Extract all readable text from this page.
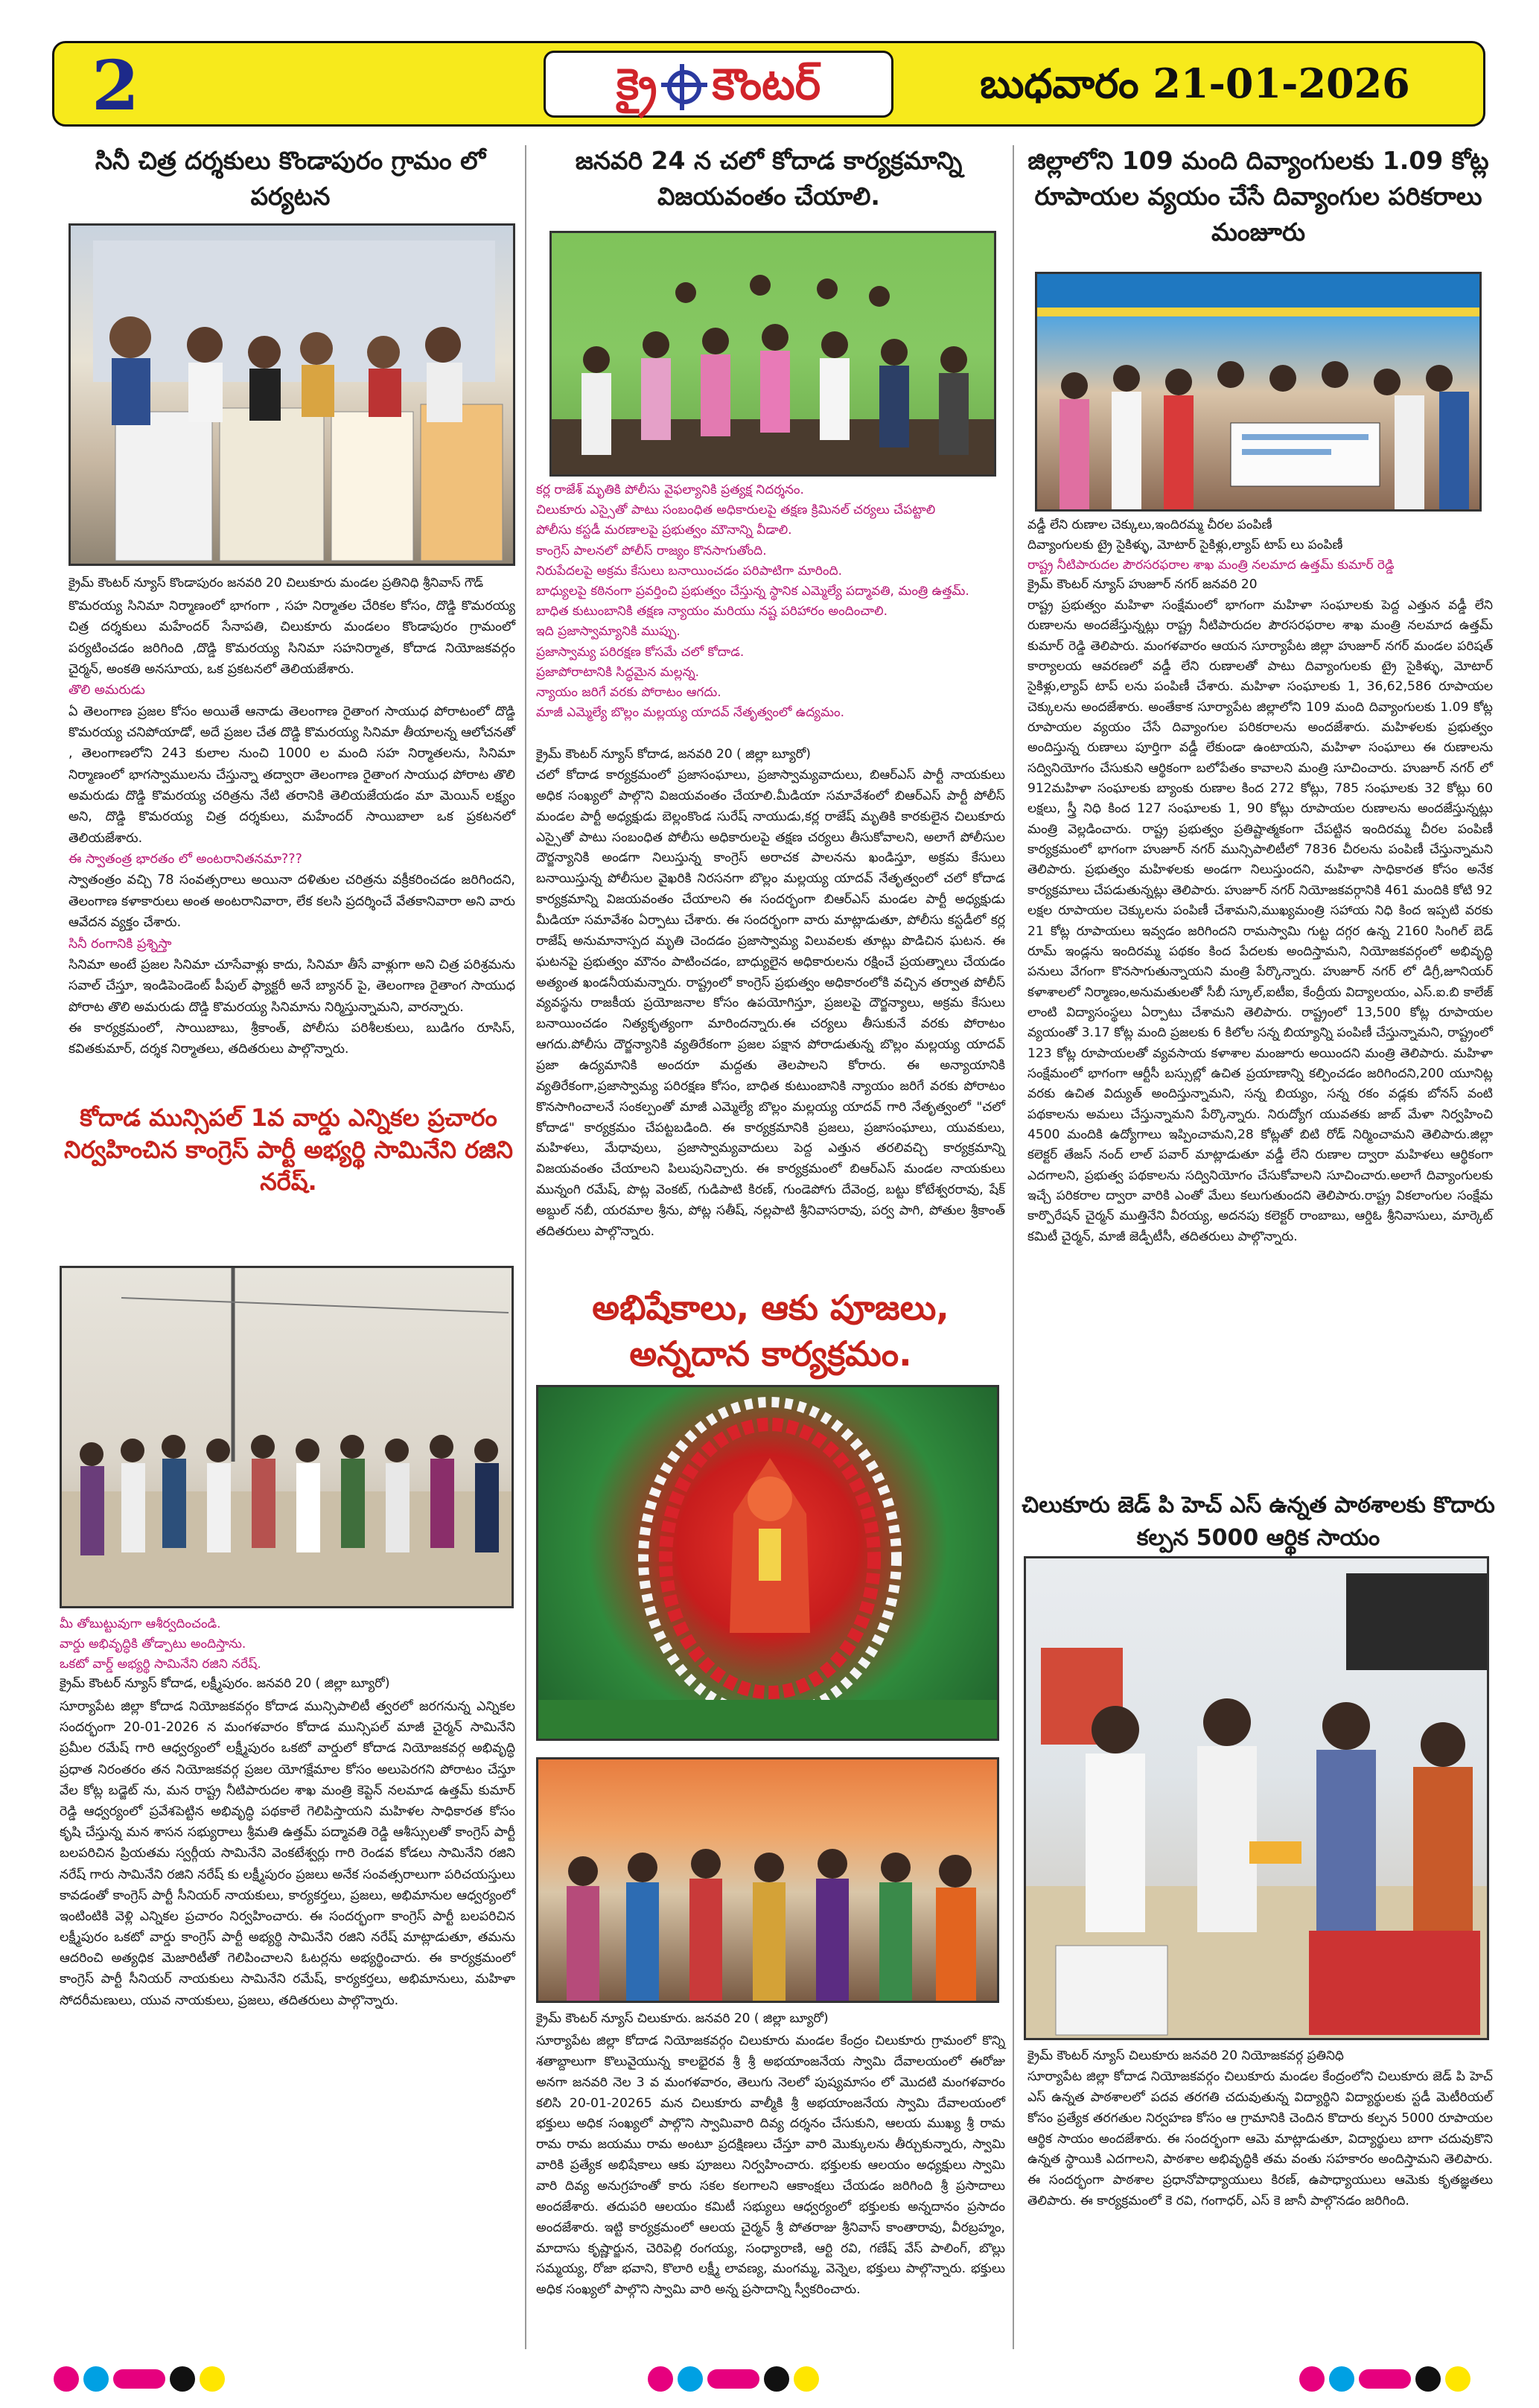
2	క్రై కౌంటర్	బుధవారం 21-01-2026
సినీ చిత్ర దర్శకులు కొండాపురం గ్రామం లో పర్యటన
క్రైమ్ కౌంటర్ న్యూస్ కొండాపురం జనవరి 20 చిలుకూరు మండల ప్రతినిధి శ్రీనివాస్ గౌడ్

కొమరయ్య సినిమా నిర్మాణంలో భాగంగా , సహ నిర్మాతల చేరికల కోసం, దొడ్డి కొమరయ్య చిత్ర దర్శకులు మహేందర్ సేనాపతి, చిలుకూరు మండలం కొండాపురం గ్రామంలో పర్యటించడం జరిగింది ,దొడ్డి కొమరయ్య సినిమా సహనిర్మాత, కోదాడ నియోజకవర్గం చైర్మన్, అంకతి అనసూయ, ఒక ప్రకటనలో తెలియజేశారు.

తొలి అమరుడు

ఏ తెలంగాణ ప్రజల కోసం అయితే ఆనాడు తెలంగాణ రైతాంగ సాయుధ పోరాటంలో దొడ్డి కొమరయ్య చనిపోయాడో, అదే ప్రజల చేత దొడ్డి కొమరయ్య సినిమా తీయాలన్న ఆలోచనతో , తెలంగాణలోని 243 కులాల నుంచి 1000 ల మంది సహ నిర్మాతలను, సినిమా నిర్మాణంలో భాగస్వాములను చేస్తున్నా తద్వారా తెలంగాణ రైతాంగ సాయుధ పోరాట తొలి అమరుడు దొడ్డి కొమరయ్య చరిత్రను నేటి తరానికి తెలియజేయడం మా మెయిన్ లక్ష్యం అని, దొడ్డి కొమరయ్య చిత్ర దర్శకులు, మహేందర్ సాయిబాలా ఒక ప్రకటనలో తెలియజేశారు.

ఈ స్వాతంత్ర భారతం లో అంటరానితనమా???

స్వాతంత్రం వచ్చి 78 సంవత్సరాలు అయినా దళితుల చరిత్రను వక్రీకరించడం జరిగిందని, తెలంగాణ కళాకారులు అంత అంటరానివారా, లేక కలసి ప్రదర్శించే వేతకానివారా అని వారు ఆవేదన వ్యక్తం చేశారు.

సినీ రంగానికి ప్రశ్నిస్తా

సినిమా అంటే ప్రజల సినిమా చూసేవాళ్లు కాదు, సినిమా తీసే వాళ్లుగా అని చిత్ర పరిశ్రమను సవాల్ చేస్తూ, ఇండిపెండెంట్ పీపుల్ ఫ్యాక్టరీ అనే బ్యానర్ పై, తెలంగాణ రైతాంగ సాయుధ పోరాట తొలి అమరుడు దొడ్డి కొమరయ్య సినిమాను నిర్మిస్తున్నామని, వారన్నారు.

ఈ కార్యక్రమంలో, సాయిబాబు, శ్రీకాంత్, పోలీసు పరిశీలకులు, బుడిగం రూసిస్, కవితకుమార్, దర్శక నిర్మాతలు, తదితరులు పాల్గొన్నారు.

కోదాడ మున్సిపల్ 1వ వార్డు ఎన్నికల ప్రచారం నిర్వహించిన కాంగ్రెస్ పార్టీ అభ్యర్థి సామినేని రజిని నరేష్.
మీ తోబుట్టువుగా ఆశీర్వదించండి.
వార్డు అభివృద్ధికి తోడ్పాటు అందిస్తాను.
ఒకటో వార్డ్ అభ్యర్థి సామినేని రజిని నరేష్.
క్రైమ్ కౌంటర్ న్యూస్ కోదాడ, లక్ష్మీపురం. జనవరి 20 ( జిల్లా బ్యూరో)
సూర్యాపేట జిల్లా కోదాడ నియోజకవర్గం కోదాడ మున్సిపాలిటీ త్వరలో జరగనున్న ఎన్నికల సందర్భంగా 20-01-2026 న మంగళవారం కోదాడ మున్సిపల్ మాజీ చైర్మన్ సామినేని ప్రమీల రమేష్ గారి ఆధ్వర్యంలో లక్ష్మీపురం ఒకటో వార్డులో కోదాడ నియోజకవర్గ అభివృద్ధి ప్రధాత నిరంతరం తన నియోజకవర్గ ప్రజల యోగక్షేమాల కోసం అలుపెరగని పోరాటం చేస్తూ వేల కోట్ల బడ్జెట్ ను, మన రాష్ట్ర నీటిపారుదల శాఖ మంత్రి కెప్టెన్ నలమాడ ఉత్తమ్ కుమార్ రెడ్డి ఆధ్వర్యంలో ప్రవేశపెట్టిన అభివృద్ధి పథకాలే గెలిపిస్తాయని మహిళల సాధికారత కోసం కృషి చేస్తున్న మన శాసన సభ్యురాలు శ్రీమతి ఉత్తమ్ పద్మావతి రెడ్డి ఆశీస్సులతో కాంగ్రెస్ పార్టీ బలపరిచిన ప్రియతమ స్వర్గీయ సామినేని వెంకటేశ్వర్లు గారి రెండవ కోడలు సామినేని రజిని నరేష్ గారు సామినేని రజిని నరేష్ కు లక్ష్మీపురం ప్రజలు అనేక సంవత్సరాలుగా పరిచయస్తులు కావడంతో కాంగ్రెస్ పార్టీ సీనియర్ నాయకులు, కార్యకర్తలు, ప్రజలు, అభిమానుల ఆధ్వర్యంలో ఇంటింటికి వెళ్లి ఎన్నికల ప్రచారం నిర్వహించారు. ఈ సందర్భంగా కాంగ్రెస్ పార్టీ బలపరిచిన లక్ష్మీపురం ఒకటో వార్డు కాంగ్రెస్ పార్టీ అభ్యర్థి సామినేని రజిని నరేష్ మాట్లాడుతూ, తమను ఆదరించి అత్యధిక మెజారిటీతో గెలిపించాలని ఓటర్లను అభ్యర్థించారు. ఈ కార్యక్రమంలో కాంగ్రెస్ పార్టీ సీనియర్ నాయకులు సామినేని రమేష్, కార్యకర్తలు, అభిమానులు, మహిళా సోదరీమణులు, యువ నాయకులు, ప్రజలు, తదితరులు పాల్గొన్నారు.
జనవరి 24 న చలో కోదాడ కార్యక్రమాన్ని విజయవంతం చేయాలి.
కర్ల రాజేశ్ మృతికి పోలీసు వైఫల్యానికి ప్రత్యక్ష నిదర్శనం.
చిలుకూరు ఎస్సైతో పాటు సంబంధిత అధికారులపై తక్షణ క్రిమినల్ చర్యలు చేపట్టాలి
పోలీసు కస్టడీ మరణాలపై ప్రభుత్వం మౌనాన్ని వీడాలి.
కాంగ్రెస్ పాలనలో పోలీస్ రాజ్యం కొనసాగుతోంది.
నిరుపేదలపై అక్రమ కేసులు బనాయించడం పరిపాటిగా మారింది.
బాధ్యులపై కఠినంగా ప్రవర్తించి ప్రభుత్వం చేస్తున్న స్థానిక ఎమ్మెల్యే పద్మావతి, మంత్రి ఉత్తమ్.
బాధిత కుటుంబానికి తక్షణ న్యాయం మరియు నష్ట పరిహారం అందించాలి.
ఇది ప్రజాస్వామ్యానికి ముప్పు.
ప్రజాస్వామ్య పరిరక్షణ కోసమే చలో కోదాడ.
ప్రజాపోరాటానికి సిద్ధమైన మల్లన్న.
న్యాయం జరిగే వరకు పోరాటం ఆగదు.
మాజీ ఎమ్మెల్యే బొల్లం మల్లయ్య యాదవ్ నేతృత్వంలో ఉద్యమం.
క్రైమ్ కౌంటర్ న్యూస్ కోదాడ, జనవరి 20 ( జిల్లా బ్యూరో)
చలో కోదాడ కార్యక్రమంలో ప్రజాసంఘాలు, ప్రజాస్వామ్యవాదులు, బిఆర్ఎస్ పార్టీ నాయకులు అధిక సంఖ్యలో పాల్గొని విజయవంతం చేయాలి.మీడియా సమావేశంలో బిఆర్ఎస్ పార్టీ పోలీస్ మండల పార్టీ అధ్యక్షుడు బెల్లంకొండ సురేష్ నాయుడు,కర్ల రాజేష్ మృతికి కారకులైన చిలుకూరు ఎస్సైతో పాటు సంబంధిత పోలీసు అధికారులపై తక్షణ చర్యలు తీసుకోవాలని, అలాగే పోలీసుల దౌర్జన్యానికి అండగా నిలుస్తున్న కాంగ్రెస్ అరాచక పాలనను ఖండిస్తూ, అక్రమ కేసులు బనాయిస్తున్న పోలీసుల వైఖరికి నిరసనగా బొల్లం మల్లయ్య యాదవ్ నేతృత్వంలో చలో కోదాడ కార్యక్రమాన్ని విజయవంతం చేయాలని ఈ సందర్భంగా బిఆర్ఎస్ మండల పార్టీ అధ్యక్షుడు మీడియా సమావేశం ఏర్పాటు చేశారు. ఈ సందర్భంగా వారు మాట్లాడుతూ, పోలీసు కస్టడీలో కర్ల రాజేష్ అనుమానాస్పద మృతి చెందడం ప్రజాస్వామ్య విలువలకు తూట్లు పొడిచిన ఘటన. ఈ ఘటనపై ప్రభుత్వం మౌనం పాటించడం, బాధ్యులైన అధికారులను రక్షించే ప్రయత్నాలు చేయడం అత్యంత ఖండనీయమన్నారు. రాష్ట్రంలో కాంగ్రెస్ ప్రభుత్వం అధికారంలోకి వచ్చిన తర్వాత పోలీస్ వ్యవస్థను రాజకీయ ప్రయోజనాల కోసం ఉపయోగిస్తూ, ప్రజలపై దౌర్జన్యాలు, అక్రమ కేసులు బనాయించడం నిత్యకృత్యంగా మారిందన్నారు.ఈ చర్యలు తీసుకునే వరకు పోరాటం ఆగదు.పోలీసు దౌర్జన్యానికి వ్యతిరేకంగా ప్రజల పక్షాన పోరాడుతున్న బొల్లం మల్లయ్య యాదవ్ ప్రజా ఉద్యమానికి అందరూ మద్దతు తెలపాలని కోరారు. ఈ అన్యాయానికి వ్యతిరేకంగా,ప్రజాస్వామ్య పరిరక్షణ కోసం, బాధిత కుటుంబానికి న్యాయం జరిగే వరకు పోరాటం కొనసాగించాలనే సంకల్పంతో మాజీ ఎమ్మెల్యే బొల్లం మల్లయ్య యాదవ్ గారి నేతృత్వంలో "చలో కోదాడ" కార్యక్రమం చేపట్టబడింది. ఈ కార్యక్రమానికి ప్రజలు, ప్రజాసంఘాలు, యువకులు, మహిళలు, మేధావులు, ప్రజాస్వామ్యవాదులు పెద్ద ఎత్తున తరలివచ్చి కార్యక్రమాన్ని విజయవంతం చేయాలని పిలుపునిచ్చారు. ఈ కార్యక్రమంలో బిఆర్ఎస్ మండల నాయకులు మున్నంగి రమేష్, పొట్ల వెంకట్, గుడిపాటి కిరణ్, గుండెపోగు దేవెంద్ర, బట్టు కోటేశ్వరరావు, షేక్ అబ్దుల్ నబీ, యరమాల శ్రీను, పోట్ల సతీష్, నల్లపాటి శ్రీనివాసరావు, పర్వ పాగి, పోతుల శ్రీకాంత్ తదితరులు పాల్గొన్నారు.
అభిషేకాలు, ఆకు పూజలు, అన్నదాన కార్యక్రమం.
క్రైమ్ కౌంటర్ న్యూస్ చిలుకూరు. జనవరి 20 ( జిల్లా బ్యూరో)
సూర్యాపేట జిల్లా కోదాడ నియోజకవర్గం చిలుకూరు మండల కేంద్రం చిలుకూరు గ్రామంలో కొన్ని శతాబ్దాలుగా కొలువైయున్న కాలభైరవ శ్రీ శ్రీ అభయాంజనేయ స్వామి దేవాలయంలో ఈరోజు అనగా జనవరి నెల 3 వ మంగళవారం, తెలుగు నెలలో పుష్యమాసం లో మొదటి మంగళవారం కలిసి 20-01-20265 మన చిలుకూరు వాల్మీకి శ్రీ అభయాంజనేయ స్వామి దేవాలయంలో భక్తులు అధిక సంఖ్యలో పాల్గొని స్వామివారి దివ్య దర్శనం చేసుకుని, ఆలయ ముఖ్య శ్రీ రామ రామ రామ జయము రామ అంటూ ప్రదక్షిణలు చేస్తూ వారి మొక్కులను తీర్చుకున్నారు, స్వామి వారికి ప్రత్యేక అభిషేకాలు ఆకు పూజలు నిర్వహించారు. భక్తులకు ఆలయం అధ్యక్షులు స్వామి వారి దివ్య అనుగ్రహంతో కారు సకల కలగాలని ఆకాంక్షలు చేయడం జరిగింది శ్రీ ప్రసాదాలు అందజేశారు. తదుపరి ఆలయం కమిటీ సభ్యులు ఆధ్వర్యంలో భక్తులకు అన్నదానం ప్రసాదం అందజేశారు. ఇట్టి కార్యక్రమంలో ఆలయ చైర్మన్ శ్రీ పోతరాజు శ్రీనివాస్ కాంతారావు, వీరబ్రహ్మం, మాదాసు కృష్ణార్జున, చెరిపెల్లి రంగయ్య, సంధ్యారాణి, ఆర్టి రవి, గణేష్ వేస్ పాలింగ్, బొల్లు సమ్మయ్య, రోజా భవాని, కొలారి లక్ష్మీ లావణ్య, మంగమ్మ, వెన్నెల, భక్తులు పాల్గొన్నారు. భక్తులు అధిక సంఖ్యలో పాల్గొని స్వామి వారి అన్న ప్రసాదాన్ని స్వీకరించారు.
జిల్లాలోని 109 మంది దివ్యాంగులకు 1.09 కోట్ల రూపాయల వ్యయం చేసే దివ్యాంగుల పరికరాలు మంజూరు
వడ్డీ లేని రుణాల చెక్కులు,ఇందిరమ్మ చీరల పంపిణీ
దివ్యాంగులకు ట్రై సైకిళ్ళు, మోటార్ సైకిళ్లు,ల్యాప్ టాప్ లు పంపిణీ
రాష్ట్ర నీటిపారుదల పౌరసరఫరాల శాఖ మంత్రి నలమాద ఉత్తమ్ కుమార్ రెడ్డి
క్రైమ్ కౌంటర్ న్యూస్ హుజూర్ నగర్ జనవరి 20
రాష్ట్ర ప్రభుత్వం మహిళా సంక్షేమంలో భాగంగా మహిళా సంఘాలకు పెద్ద ఎత్తున వడ్డీ లేని రుణాలను అందజేస్తున్నట్లు రాష్ట్ర నీటిపారుదల పౌరసరఫరాల శాఖ మంత్రి నలమాద ఉత్తమ్ కుమార్ రెడ్డి తెలిపారు. మంగళవారం ఆయన సూర్యాపేట జిల్లా హుజూర్ నగర్ మండల పరిషత్ కార్యాలయ ఆవరణలో వడ్డీ లేని రుణాలతో పాటు దివ్యాంగులకు ట్రై సైకిళ్ళు, మోటార్ సైకిళ్లు,ల్యాప్ టాప్ లను పంపిణీ చేశారు. మహిళా సంఘాలకు 1, 36,62,586 రూపాయల చెక్కులను అందజేశారు. అంతేకాక సూర్యాపేట జిల్లాలోని 109 మంది దివ్యాంగులకు 1.09 కోట్ల రూపాయల వ్యయం చేసే దివ్యాంగుల పరికరాలను అందజేశారు. మహిళలకు ప్రభుత్వం అందిస్తున్న రుణాలు పూర్తిగా వడ్డీ లేకుండా ఉంటాయని, మహిళా సంఘాలు ఈ రుణాలను సద్వినియోగం చేసుకుని ఆర్థికంగా బలోపేతం కావాలని మంత్రి సూచించారు. హుజూర్ నగర్ లో 912మహిళా సంఘాలకు బ్యాంకు రుణాల కింద 272 కోట్లు, 785 సంఘాలకు 32 కోట్లు 60 లక్షలు, స్త్రీ నిధి కింద 127 సంఘాలకు 1, 90 కోట్లు రూపాయల రుణాలను అందజేస్తున్నట్లు మంత్రి వెల్లడించారు. రాష్ట్ర ప్రభుత్వం ప్రతిష్టాత్మకంగా చేపట్టిన ఇందిరమ్మ చీరల పంపిణీ కార్యక్రమంలో భాగంగా హుజూర్ నగర్ మున్సిపాలిటీలో 7836 చీరలను పంపిణీ చేస్తున్నామని తెలిపారు. ప్రభుత్వం మహిళలకు అండగా నిలుస్తుందని, మహిళా సాధికారత కోసం అనేక కార్యక్రమాలు చేపడుతున్నట్లు తెలిపారు. హుజూర్ నగర్ నియోజకవర్గానికి 461 మందికి కోటి 92 లక్షల రూపాయల చెక్కులను పంపిణీ చేశామని,ముఖ్యమంత్రి సహాయ నిధి కింద ఇప్పటి వరకు 21 కోట్ల రూపాయలు ఇవ్వడం జరిగిందని రామస్వామి గుట్ట దగ్గర ఉన్న 2160 సింగిల్ బెడ్ రూమ్ ఇండ్లను ఇందిరమ్మ పథకం కింద పేదలకు అందిస్తామని, నియోజకవర్గంలో అభివృద్ధి పనులు వేగంగా కొనసాగుతున్నాయని మంత్రి పేర్కొన్నారు. హుజూర్ నగర్ లో డిగ్రీ,జూనియర్ కళాశాలలో నిర్మాణం,అనుమతులతో సీబీ స్కూల్,ఐటీఐ, కేంద్రీయ విద్యాలయం, ఎస్.ఐ.బి కాలేజ్ లాంటి విద్యాసంస్థలు ఏర్పాటు చేశామని తెలిపారు. రాష్ట్రంలో 13,500 కోట్ల రూపాయల వ్యయంతో 3.17 కోట్ల మంది ప్రజలకు 6 కిలోల సన్న బియ్యాన్ని పంపిణీ చేస్తున్నామని, రాష్ట్రంలో 123 కోట్ల రూపాయలతో వ్యవసాయ కళాశాల మంజూరు అయిందని మంత్రి తెలిపారు. మహిళా సంక్షేమంలో భాగంగా ఆర్టీసీ బస్సుల్లో ఉచిత ప్రయాణాన్ని కల్పించడం జరిగిందని,200 యూనిట్ల వరకు ఉచిత విద్యుత్ అందిస్తున్నామని, సన్న బియ్యం, సన్న రకం వడ్లకు బోనస్ వంటి పథకాలను అమలు చేస్తున్నామని పేర్కొన్నారు. నిరుద్యోగ యువతకు జాబ్ మేళా నిర్వహించి 4500 మందికి ఉద్యోగాలు ఇప్పించామని,28 కోట్లతో బిటి రోడ్ నిర్మించామని తెలిపారు.జిల్లా కలెక్టర్ తేజస్ నంద్ లాల్ పవార్ మాట్లాడుతూ వడ్డీ లేని రుణాల ద్వారా మహిళలు ఆర్థికంగా ఎదగాలని, ప్రభుత్వ పథకాలను సద్వినియోగం చేసుకోవాలని సూచించారు.అలాగే దివ్యాంగులకు ఇచ్చే పరికరాల ద్వారా వారికి ఎంతో మేలు కలుగుతుందని తెలిపారు.రాష్ట్ర వికలాంగుల సంక్షేమ కార్పొరేషన్ చైర్మన్ ముత్తినేని వీరయ్య, అదనపు కలెక్టర్ రాంబాబు, ఆర్డిఓ శ్రీనివాసులు, మార్కెట్ కమిటీ చైర్మన్, మాజీ జెడ్పీటీసీ, తదితరులు పాల్గొన్నారు.
చిలుకూరు జెడ్ పి హెచ్ ఎస్ ఉన్నత పాఠశాలకు కొదారు కల్పన 5000 ఆర్థిక సాయం
క్రైమ్ కౌంటర్ న్యూస్ చిలుకూరు జనవరి 20 నియోజకవర్గ ప్రతినిధి
సూర్యాపేట జిల్లా కోదాడ నియోజకవర్గం చిలుకూరు మండల కేంద్రంలోని చిలుకూరు జెడ్ పి హెచ్ ఎస్ ఉన్నత పాఠశాలలో పదవ తరగతి చదువుతున్న విద్యార్థిని విద్యార్థులకు స్టడీ మెటీరియల్ కోసం ప్రత్యేక తరగతుల నిర్వహణ కోసం ఆ గ్రామానికి చెందిన కొదారు కల్పన 5000 రూపాయల ఆర్థిక సాయం అందజేశారు. ఈ సందర్భంగా ఆమె మాట్లాడుతూ, విద్యార్థులు బాగా చదువుకొని ఉన్నత స్థాయికి ఎదగాలని, పాఠశాల అభివృద్ధికి తమ వంతు సహకారం అందిస్తామని తెలిపారు. ఈ సందర్భంగా పాఠశాల ప్రధానోపాధ్యాయులు కిరణ్, ఉపాధ్యాయులు ఆమెకు కృతజ్ఞతలు తెలిపారు. ఈ కార్యక్రమంలో కె రవి, గంగాధర్, ఎస్ కె జానీ పాల్గొనడం జరిగింది.
